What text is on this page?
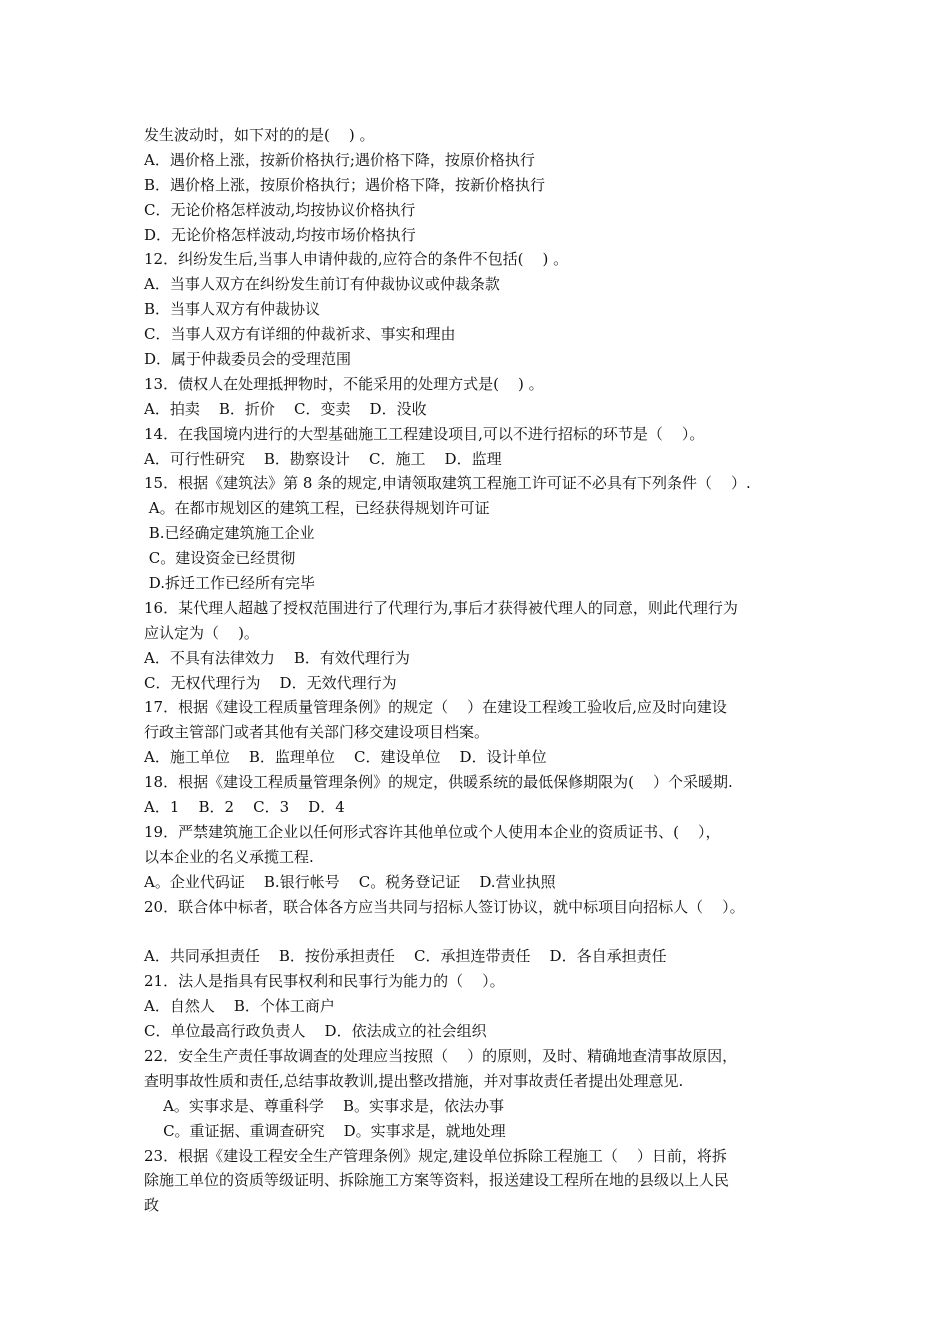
发生波动时，如下对的的是(    ) 。
A．遇价格上涨，按新价格执行;遇价格下降，按原价格执行
B．遇价格上涨，按原价格执行；遇价格下降，按新价格执行
C．无论价格怎样波动,均按协议价格执行
D．无论价格怎样波动,均按市场价格执行
12．纠纷发生后,当事人申请仲裁的,应符合的条件不包括(    ) 。
A．当事人双方在纠纷发生前订有仲裁协议或仲裁条款
B．当事人双方有仲裁协议
C．当事人双方有详细的仲裁祈求、事实和理由
D．属于仲裁委员会的受理范围
13．债权人在处理抵押物时，不能采用的处理方式是(    ) 。
A．拍卖    B．折价    C．变卖    D．没收
14．在我国境内进行的大型基础施工工程建设项目,可以不进行招标的环节是（    ）。
A．可行性研究    B．勘察设计    C．施工    D．监理
15．根据《建筑法》第 8 条的规定,申请领取建筑工程施工许可证不必具有下列条件（    ）.
A。在都市规划区的建筑工程，已经获得规划许可证
B.已经确定建筑施工企业
C。建设资金已经贯彻
D.拆迁工作已经所有完毕
16．某代理人超越了授权范围进行了代理行为,事后才获得被代理人的同意，则此代理行为
应认定为（    )。
A．不具有法律效力    B．有效代理行为
C．无权代理行为    D．无效代理行为
17．根据《建设工程质量管理条例》的规定（    ）在建设工程竣工验收后,应及时向建设
行政主管部门或者其他有关部门移交建设项目档案。
A．施工单位    B．监理单位    C．建设单位    D．设计单位
18．根据《建设工程质量管理条例》的规定，供暖系统的最低保修期限为(    ）个采暖期.
A．1    B．2    C．3    D．4
19．严禁建筑施工企业以任何形式容许其他单位或个人使用本企业的资质证书、(    ），
以本企业的名义承揽工程.
A。企业代码证    B.银行帐号    C。税务登记证    D.营业执照
20．联合体中标者，联合体各方应当共同与招标人签订协议，就中标项目向招标人（    ）。
A．共同承担责任    B．按份承担责任    C．承担连带责任    D．各自承担责任
21．法人是指具有民事权利和民事行为能力的（    ）。
A．自然人    B．个体工商户
C．单位最高行政负责人    D．依法成立的社会组织
22．安全生产责任事故调查的处理应当按照（    ）的原则，及时、精确地查清事故原因，
查明事故性质和责任,总结事故教训,提出整改措施，并对事故责任者提出处理意见.
A。实事求是、尊重科学    B。实事求是，依法办事
C。重证据、重调查研究    D。实事求是，就地处理
23．根据《建设工程安全生产管理条例》规定,建设单位拆除工程施工（    ）日前，将拆
除施工单位的资质等级证明、拆除施工方案等资料，报送建设工程所在地的县级以上人民
政
